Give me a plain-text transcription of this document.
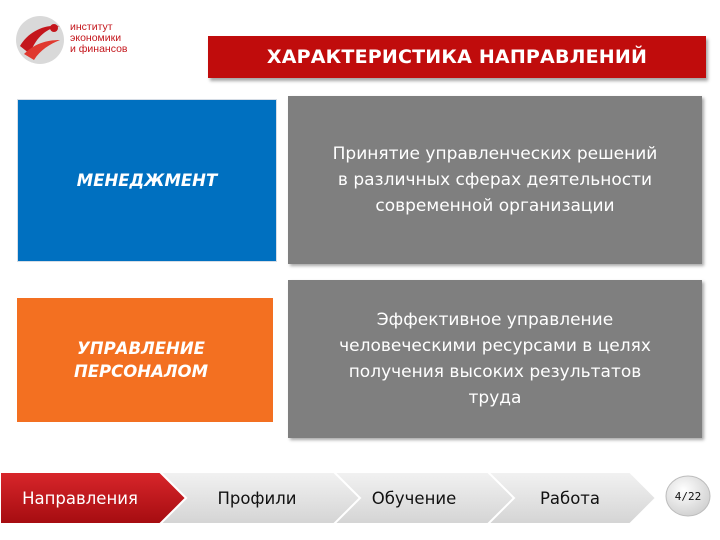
институт
экономики
и финансов	ХАРАКТЕРИСТИКА НАПРАВЛЕНИЙ
МЕНЕДЖМЕНТ
Принятие управленческих решений
в различных сферах деятельности
современной организации
УПРАВЛЕНИЕ
ПЕРСОНАЛОМ
Эффективное управление
человеческими ресурсами в целях
получения высоких результатов
труда
Направления	Профили	Обучение	Работа	4/22
